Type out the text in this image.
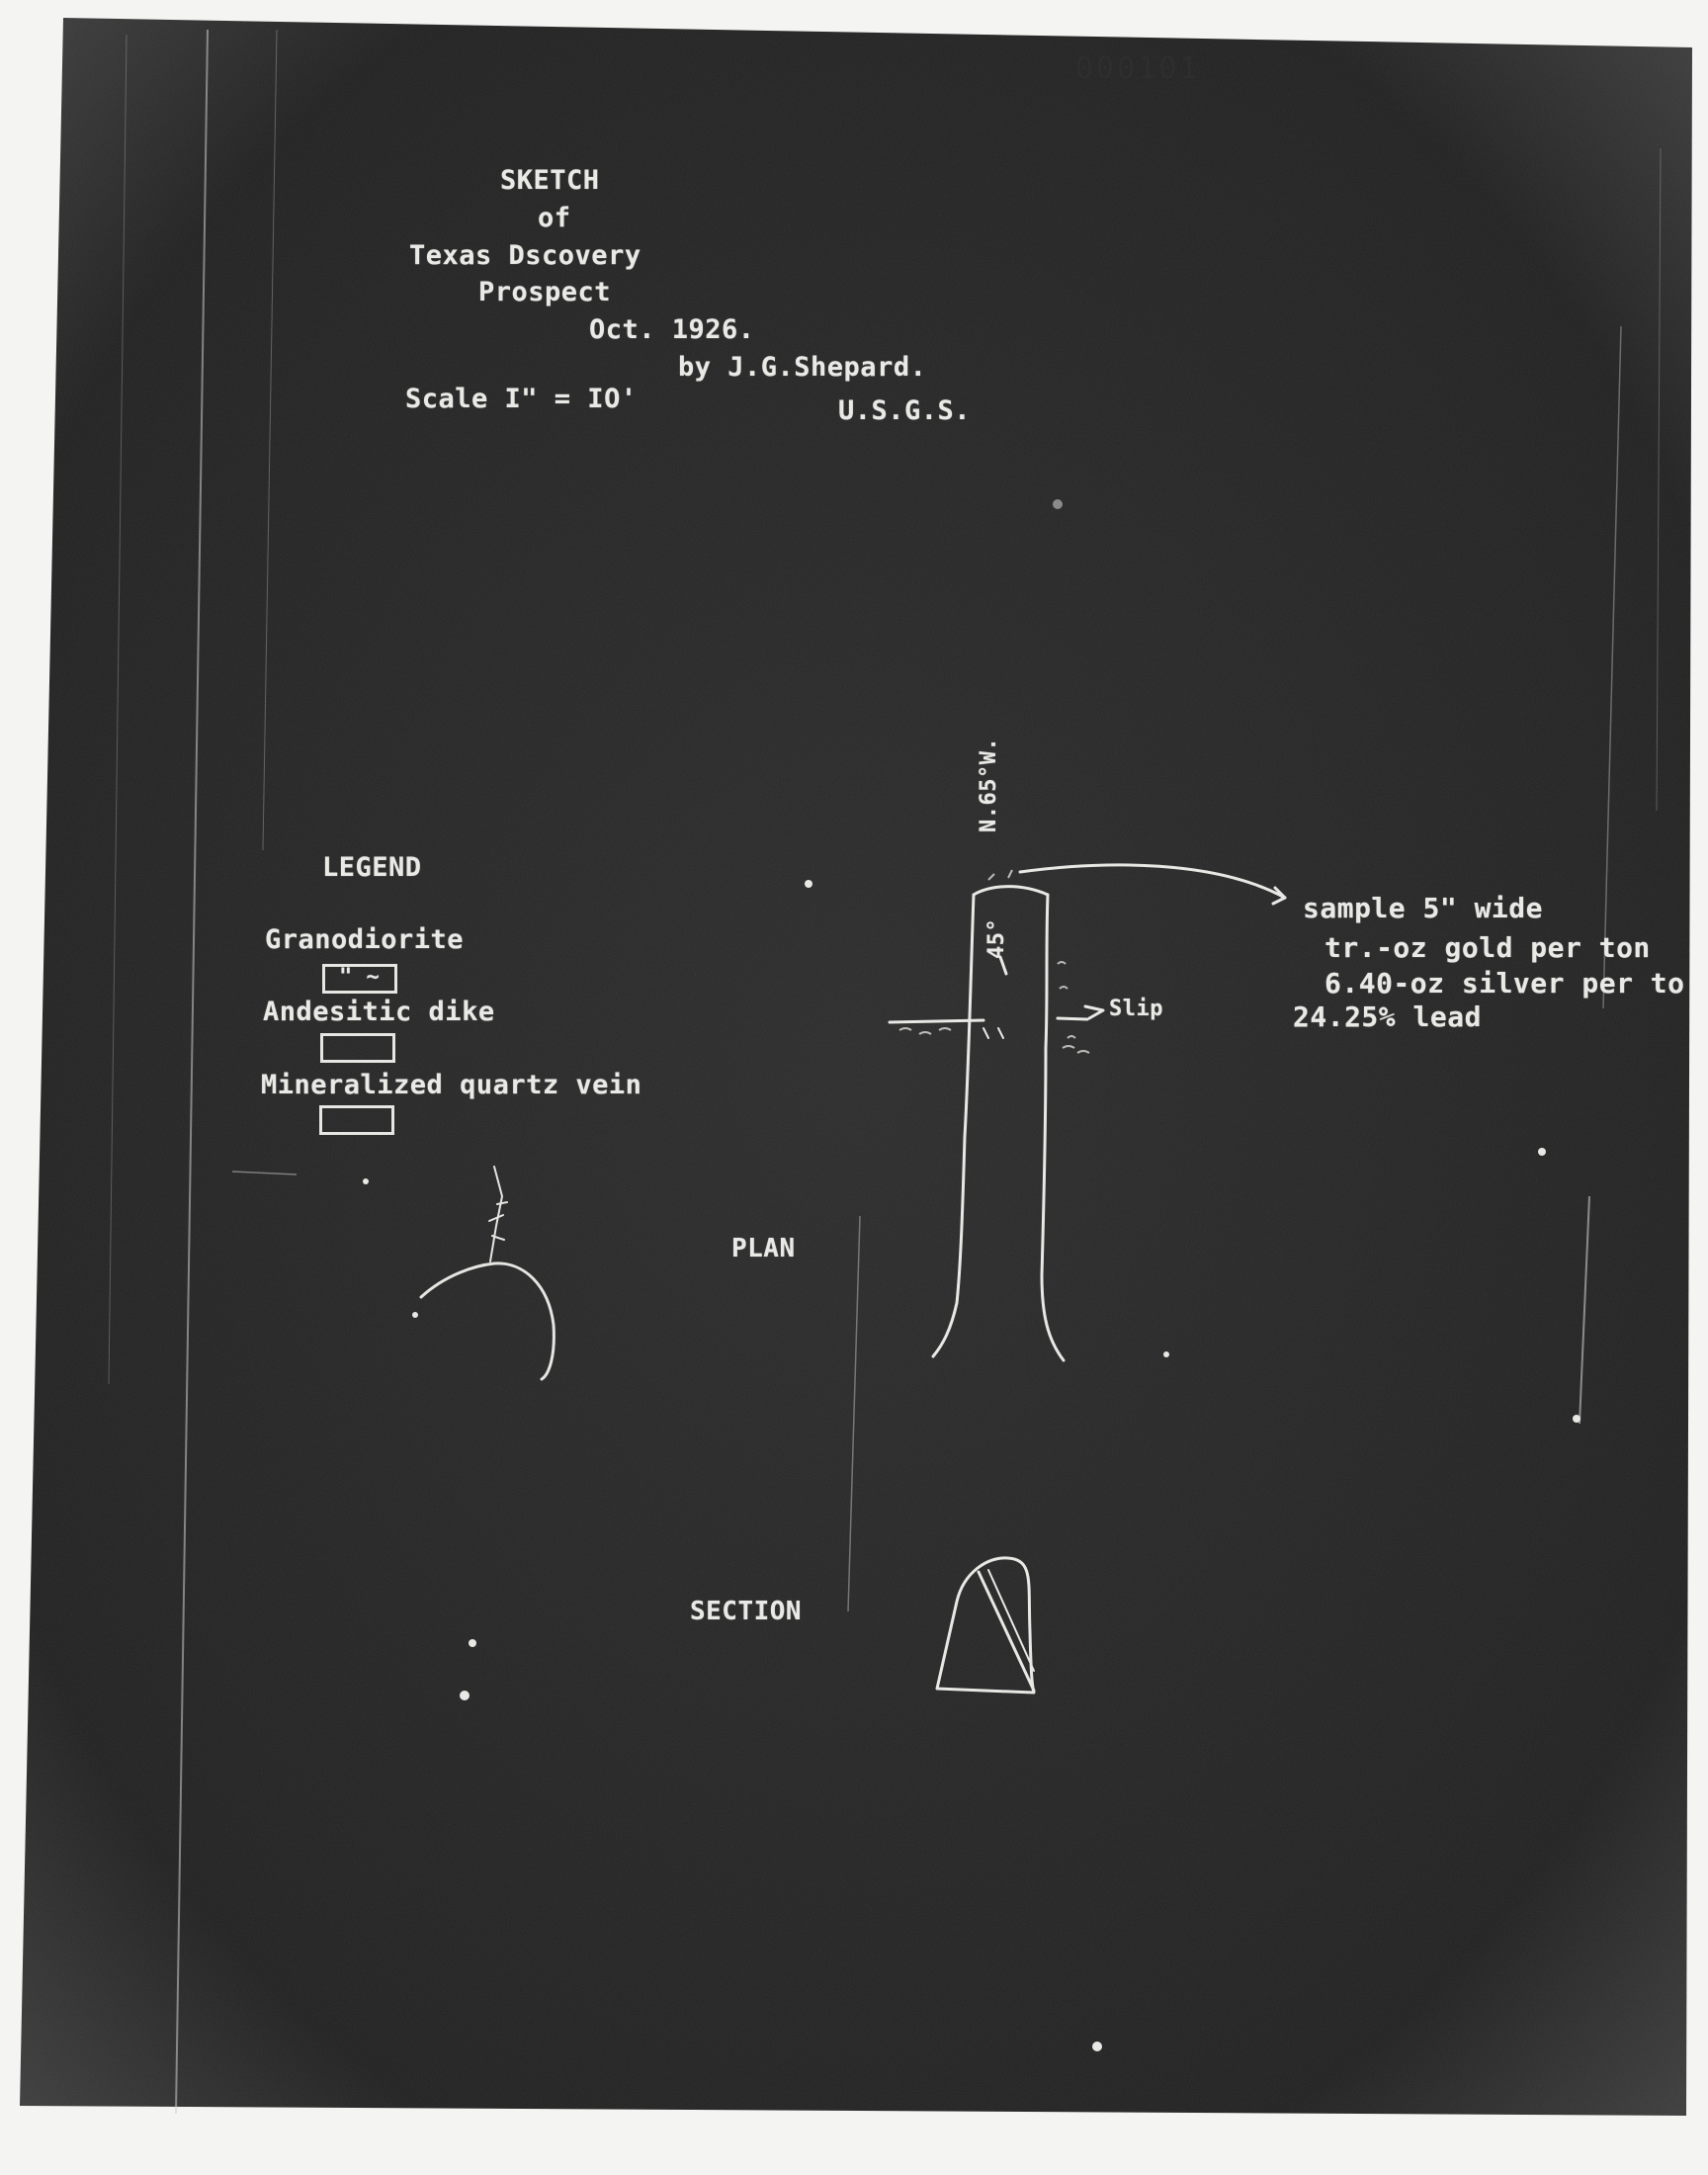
000101
SKETCH
of
Texas Dscovery
Prospect
Oct. 1926.
by J.G.Shepard.
Scale I" = IO'	U.S.G.S.
LEGEND
Granodiorite
" ~
Andesitic dike
Mineralized quartz vein
N.65°W.
45°
Slip
PLAN
sample 5" wide
tr.-oz gold per ton
6.40-oz silver per to
24.25% lead
SECTION
